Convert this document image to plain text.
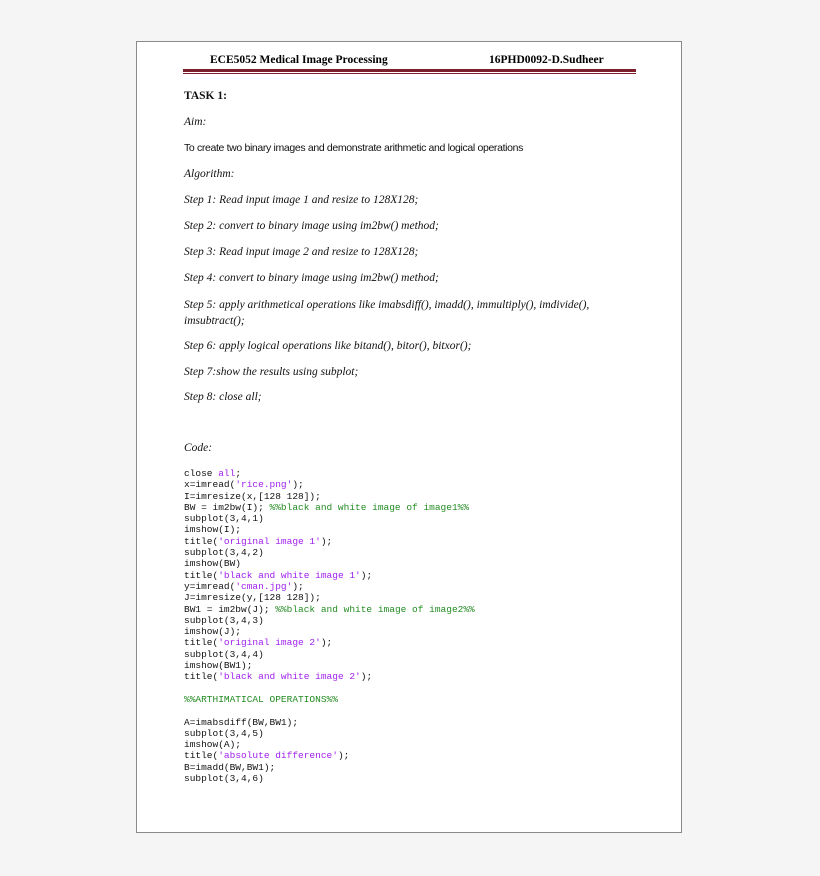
ECE5052 Medical Image Processing	16PHD0092-D.Sudheer
TASK 1:
Aim:
To create two binary images and demonstrate arithmetic and logical operations
Algorithm:
Step 1: Read input image 1 and resize to 128X128;
Step 2: convert to binary image using im2bw() method;
Step 3: Read input image 2 and resize to 128X128;
Step 4: convert to binary image using im2bw() method;
Step 5: apply arithmetical operations like imabsdiff(), imadd(), immultiply(), imdivide(), imsubtract();
Step 6: apply logical operations like bitand(), bitor(), bitxor();
Step 7:show the results using subplot;
Step 8: close all;
Code:
close all;
x=imread('rice.png');
I=imresize(x,[128 128]);
BW = im2bw(I); %%black and white image of image1%%
subplot(3,4,1)
imshow(I);
title('original image 1');
subplot(3,4,2)
imshow(BW)
title('black and white image 1');
y=imread('cman.jpg');
J=imresize(y,[128 128]);
BW1 = im2bw(J); %%black and white image of image2%%
subplot(3,4,3)
imshow(J);
title('original image 2');
subplot(3,4,4)
imshow(BW1);
title('black and white image 2');
%%ARTHIMATICAL OPERATIONS%%
A=imabsdiff(BW,BW1);
subplot(3,4,5)
imshow(A);
title('absolute difference');
B=imadd(BW,BW1);
subplot(3,4,6)
